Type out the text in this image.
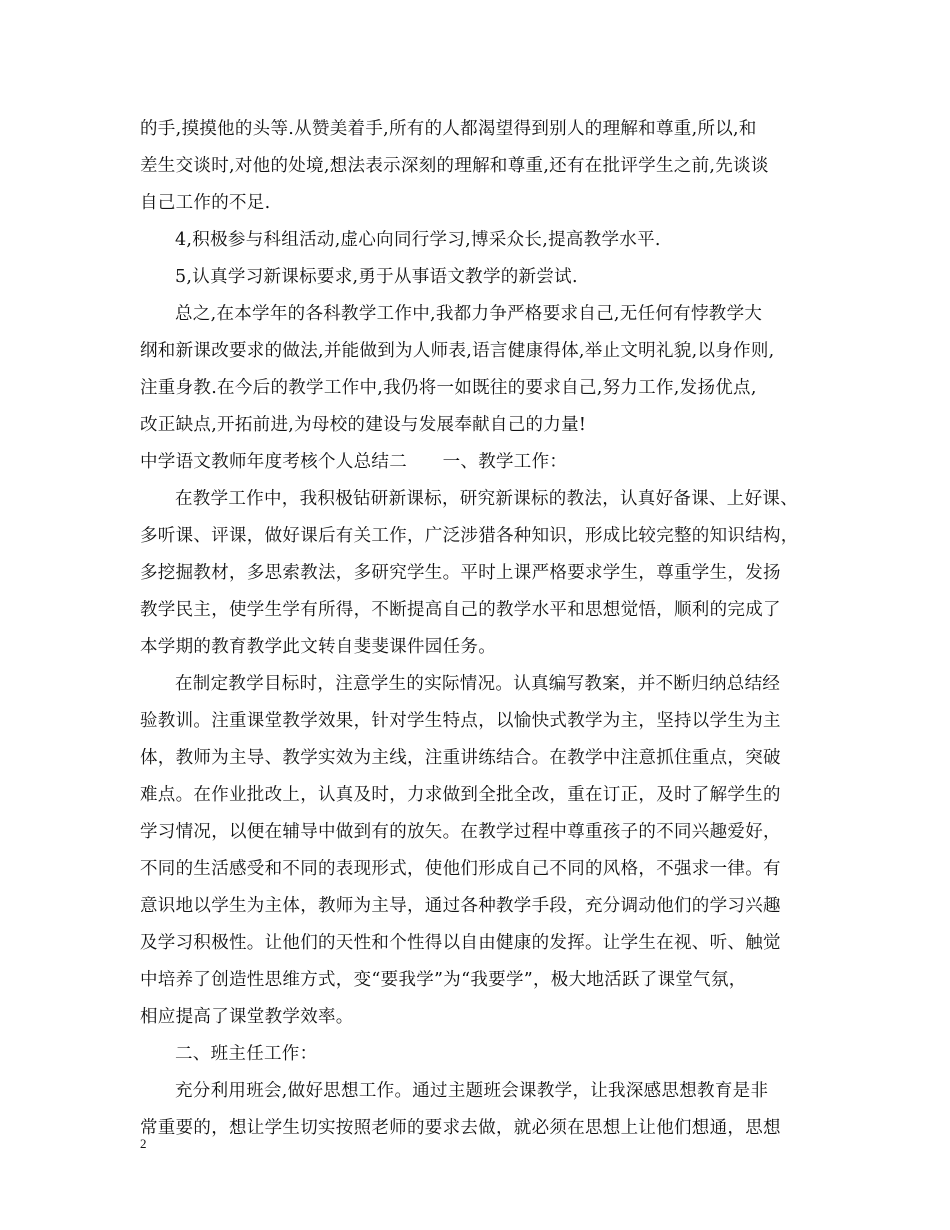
的手,摸摸他的头等.从赞美着手,所有的人都渴望得到别人的理解和尊重,所以,和
差生交谈时,对他的处境,想法表示深刻的理解和尊重,还有在批评学生之前,先谈谈
自己工作的不足.
4,积极参与科组活动,虚心向同行学习,博采众长,提高教学水平.
5,认真学习新课标要求,勇于从事语文教学的新尝试.
总之,在本学年的各科教学工作中,我都力争严格要求自己,无任何有悖教学大
纲和新课改要求的做法,并能做到为人师表,语言健康得体,举止文明礼貌,以身作则,
注重身教.在今后的教学工作中,我仍将一如既往的要求自己,努力工作,发扬优点,
改正缺点,开拓前进,为母校的建设与发展奉献自己的力量!
中学语文教师年度考核个人总结二　　一、教学工作：
在教学工作中，我积极钻研新课标，研究新课标的教法，认真好备课、上好课、
多听课、评课，做好课后有关工作，广泛涉猎各种知识，形成比较完整的知识结构，
多挖掘教材，多思索教法，多研究学生。平时上课严格要求学生，尊重学生，发扬
教学民主，使学生学有所得，不断提高自己的教学水平和思想觉悟，顺利的完成了
本学期的教育教学此文转自斐斐课件园任务。
在制定教学目标时，注意学生的实际情况。认真编写教案，并不断归纳总结经
验教训。注重课堂教学效果，针对学生特点，以愉快式教学为主，坚持以学生为主
体，教师为主导、教学实效为主线，注重讲练结合。在教学中注意抓住重点，突破
难点。在作业批改上，认真及时，力求做到全批全改，重在订正，及时了解学生的
学习情况，以便在辅导中做到有的放矢。在教学过程中尊重孩子的不同兴趣爱好，
不同的生活感受和不同的表现形式，使他们形成自己不同的风格，不强求一律。有
意识地以学生为主体，教师为主导，通过各种教学手段，充分调动他们的学习兴趣
及学习积极性。让他们的天性和个性得以自由健康的发挥。让学生在视、听、触觉
中培养了创造性思维方式，变“要我学”为“我要学”，极大地活跃了课堂气氛，
相应提高了课堂教学效率。
二、班主任工作：
充分利用班会,做好思想工作。通过主题班会课教学，让我深感思想教育是非
常重要的，想让学生切实按照老师的要求去做，就必须在思想上让他们想通，思想
2
